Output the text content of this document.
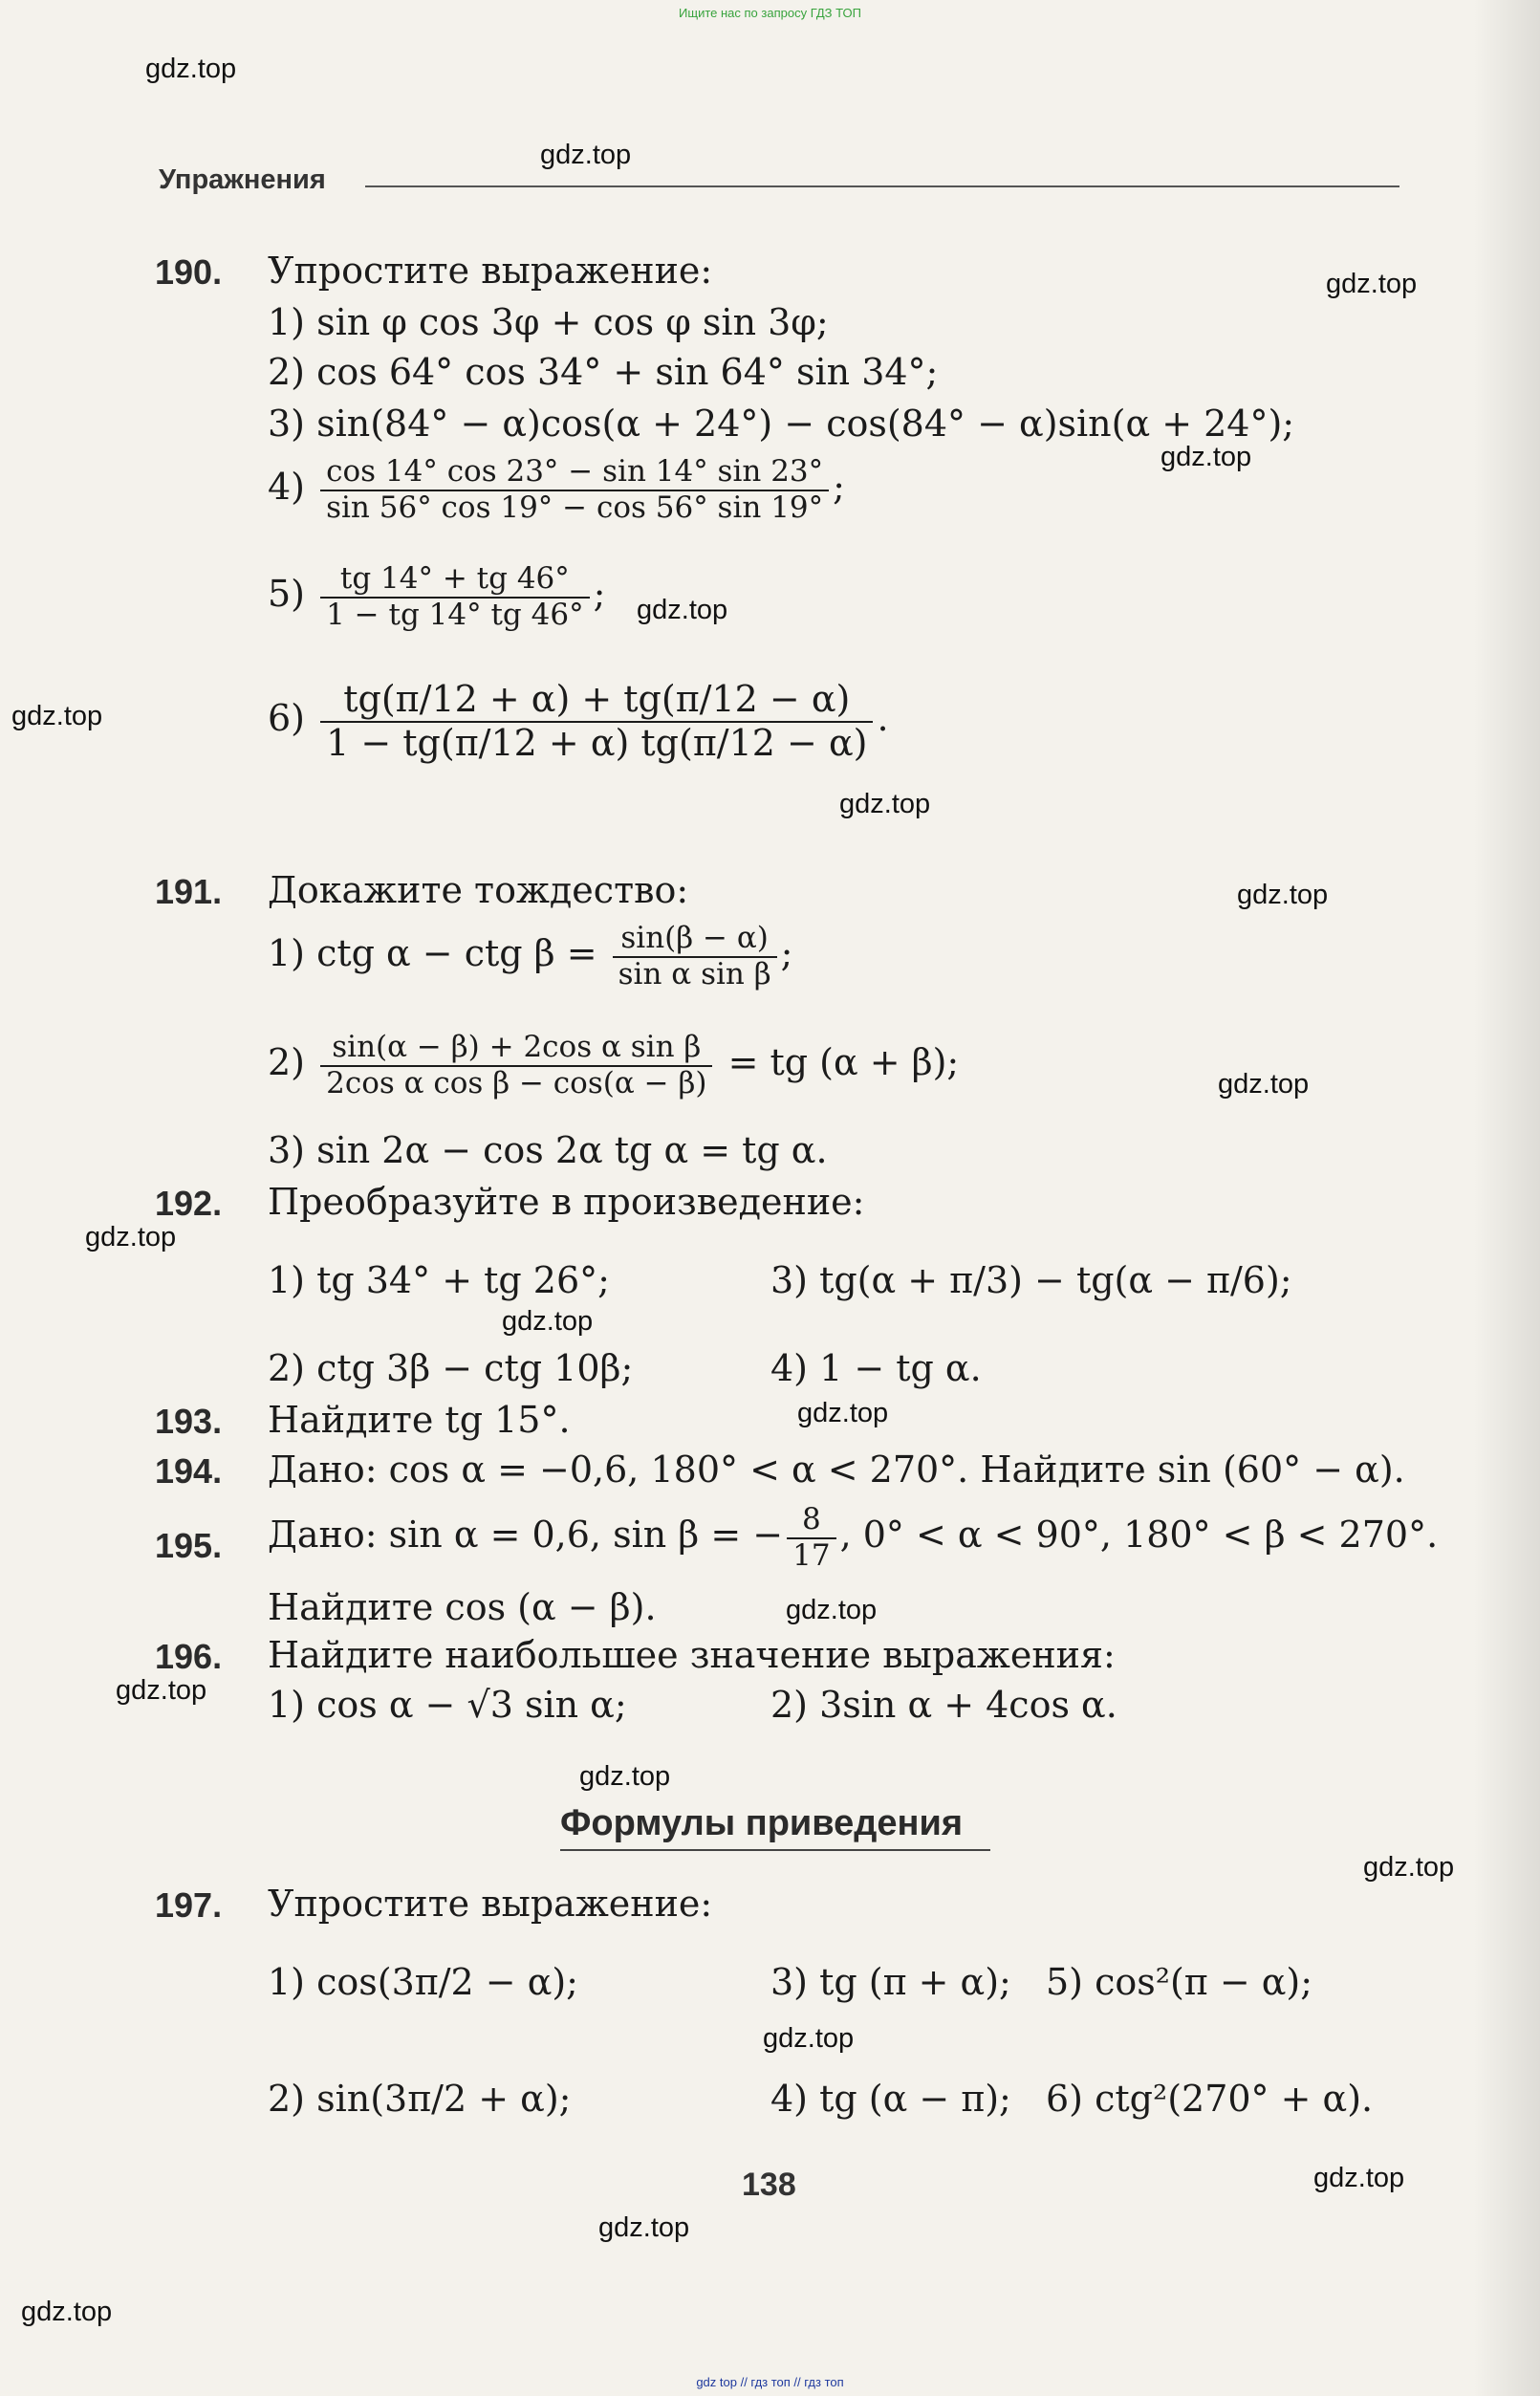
Ищите нас по запросу ГДЗ ТОП
gdz top // гдз топ // гдз топ
gdz.top
gdz.top
gdz.top
gdz.top
gdz.top
gdz.top
gdz.top
gdz.top
gdz.top
gdz.top
gdz.top
gdz.top
gdz.top
gdz.top
gdz.top
gdz.top
gdz.top
gdz.top
gdz.top
gdz.top
Упражнения
190. Упростите выражение:
1) sin φ cos 3φ + cos φ sin 3φ;
2) cos 64° cos 34° + sin 64° sin 34°;
3) sin(84° − α)cos(α + 24°) − cos(84° − α)sin(α + 24°);
$4) \frac{\cos 14^\circ \cos 23^\circ - \sin 14^\circ \sin 23^\circ}{\sin 56^\circ \cos 19^\circ - \cos 56^\circ \sin 19^\circ}$ ;
$5) \frac{tg 14^\circ + tg 46^\circ}{1 - tg 14^\circ tg 46^\circ}$ ;
$6) \frac{tg(\pi/12 + \alpha) + tg(\pi/12 - \alpha)}{1 - tg(\pi/12 + \alpha) tg(\pi/12 - \alpha)}$ .
191. Докажите тождество:
1) ctg α − ctg $\beta = \frac{\sin(\beta - \alpha)}{\text{sin α sin β}}$ ;
$2) \frac{\text{sin(α − β) + 2cos α sin β}}{\text{2cos α cos β − cos(α − β)}}$ = tg (α + β);
3) sin 2α − cos 2α tg α = tg α.
192. Преобразуйте в произведение:
1) tg 34° + tg 26°;	3) tg(α + π/3) − tg(α − π/6);
2) ctg 3β − ctg 10β;	4) 1 − tg α.
193. Найдите tg 15°.
194. Дано: cos α = −0,6, 180° < α < 270°. Найдите sin (60° − α).
195. Дано: sin α = 0,6, sin β = − $\frac{8}{17}$ , 0° < α < 90°, 180° < β < 270°.
Найдите cos (α − β).
196. Найдите наибольшее значение выражения:
1) cos α − √3 sin α;	2) 3sin α + 4cos α.
Формулы приведения
197. Упростите выражение:
1) cos(3π/2 − α);	3) tg (π + α); 5) cos²(π − α);
2) sin(3π/2 + α);	4) tg (α − π); 6) ctg²(270° + α).
138
